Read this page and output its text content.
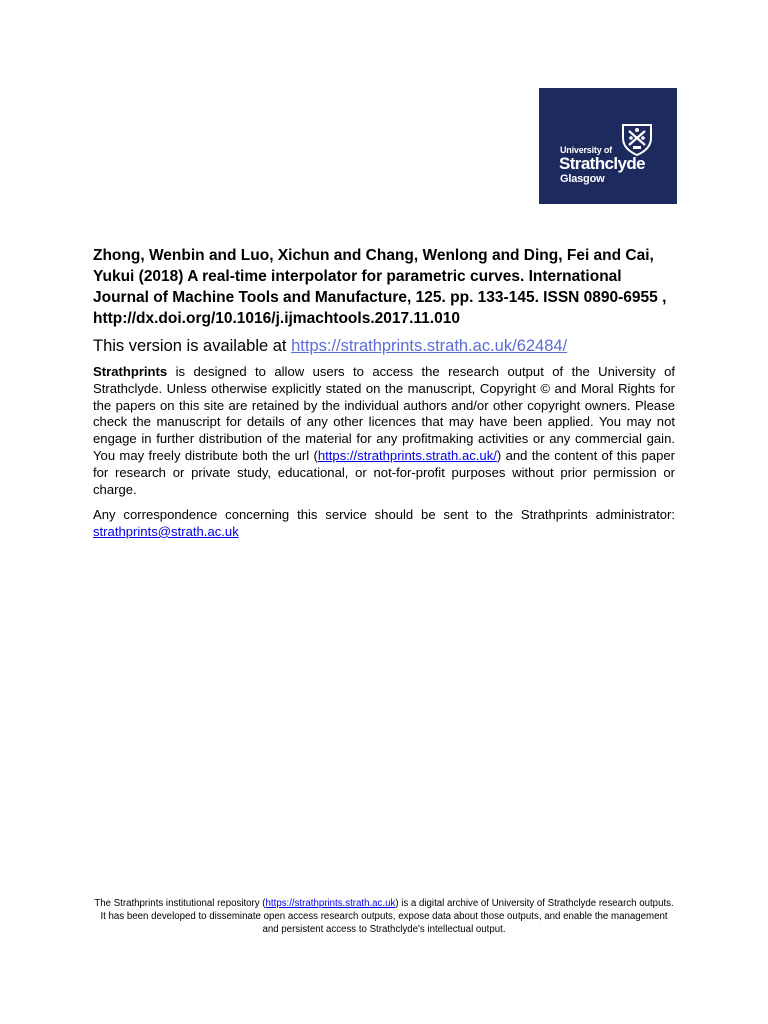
University of
Strathclyde
Glasgow

Zhong, Wenbin and Luo, Xichun and Chang, Wenlong and Ding, Fei and Cai, Yukui (2018) A real-time interpolator for parametric curves. International Journal of Machine Tools and Manufacture, 125. pp. 133-145. ISSN 0890-6955 , http://dx.doi.org/10.1016/j.ijmachtools.2017.11.010

This version is available at https://strathprints.strath.ac.uk/62484/

Strathprints is designed to allow users to access the research output of the University of Strathclyde. Unless otherwise explicitly stated on the manuscript, Copyright © and Moral Rights for the papers on this site are retained by the individual authors and/or other copyright owners. Please check the manuscript for details of any other licences that may have been applied. You may not engage in further distribution of the material for any profitmaking activities or any commercial gain. You may freely distribute both the url (https://strathprints.strath.ac.uk/) and the content of this paper for research or private study, educational, or not-for-profit purposes without prior permission or charge.

Any correspondence concerning this service should be sent to the Strathprints administrator: strathprints@strath.ac.uk

The Strathprints institutional repository (https://strathprints.strath.ac.uk) is a digital archive of University of Strathclyde research outputs. It has been developed to disseminate open access research outputs, expose data about those outputs, and enable the management and persistent access to Strathclyde's intellectual output.
